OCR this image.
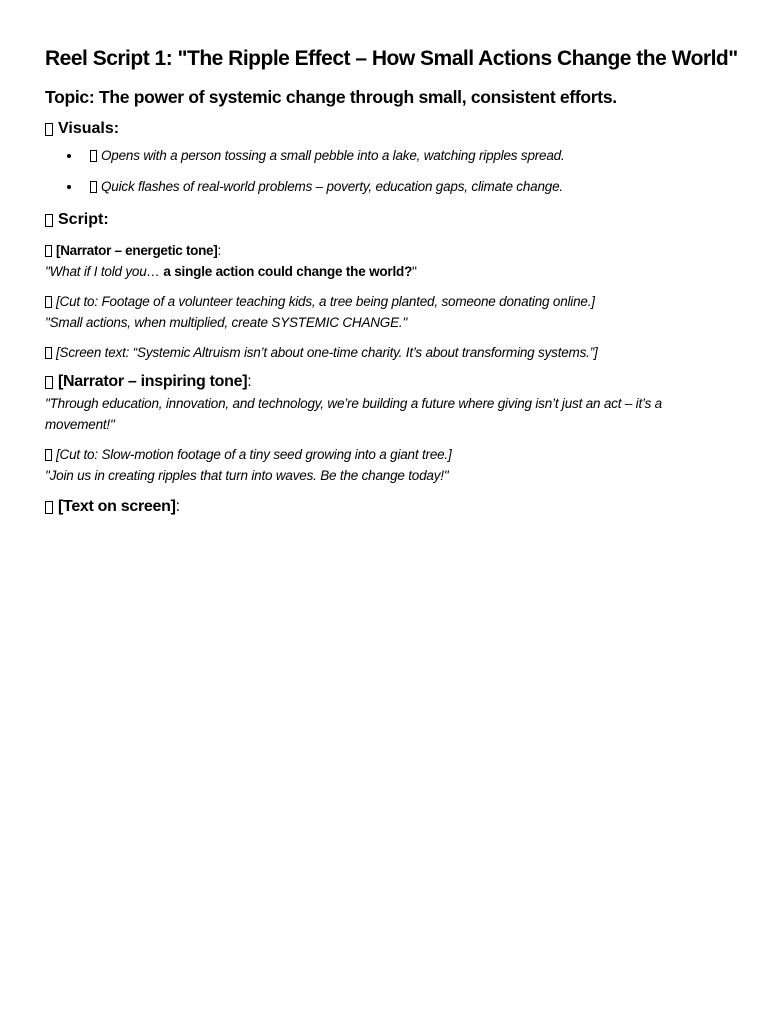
Reel Script 1: "The Ripple Effect – How Small Actions Change the World"
Topic: The power of systemic change through small, consistent efforts.
Visuals:
Opens with a person tossing a small pebble into a lake, watching ripples spread.
Quick flashes of real-world problems – poverty, education gaps, climate change.
Script:
[Narrator – energetic tone] :
"What if I told you… a single action could change the world? "
[Cut to: Footage of a volunteer teaching kids, a tree being planted, someone donating online.]
"Small actions, when multiplied, create SYSTEMIC CHANGE."
[Screen text: “Systemic Altruism isn’t about one-time charity. It’s about transforming systems.”]
[Narrator – inspiring tone] :
"Through education, innovation, and technology, we’re building a future where giving isn’t just an act – it’s a movement!"
[Cut to: Slow-motion footage of a tiny seed growing into a giant tree.]
"Join us in creating ripples that turn into waves. Be the change today!"
[Text on screen] :
